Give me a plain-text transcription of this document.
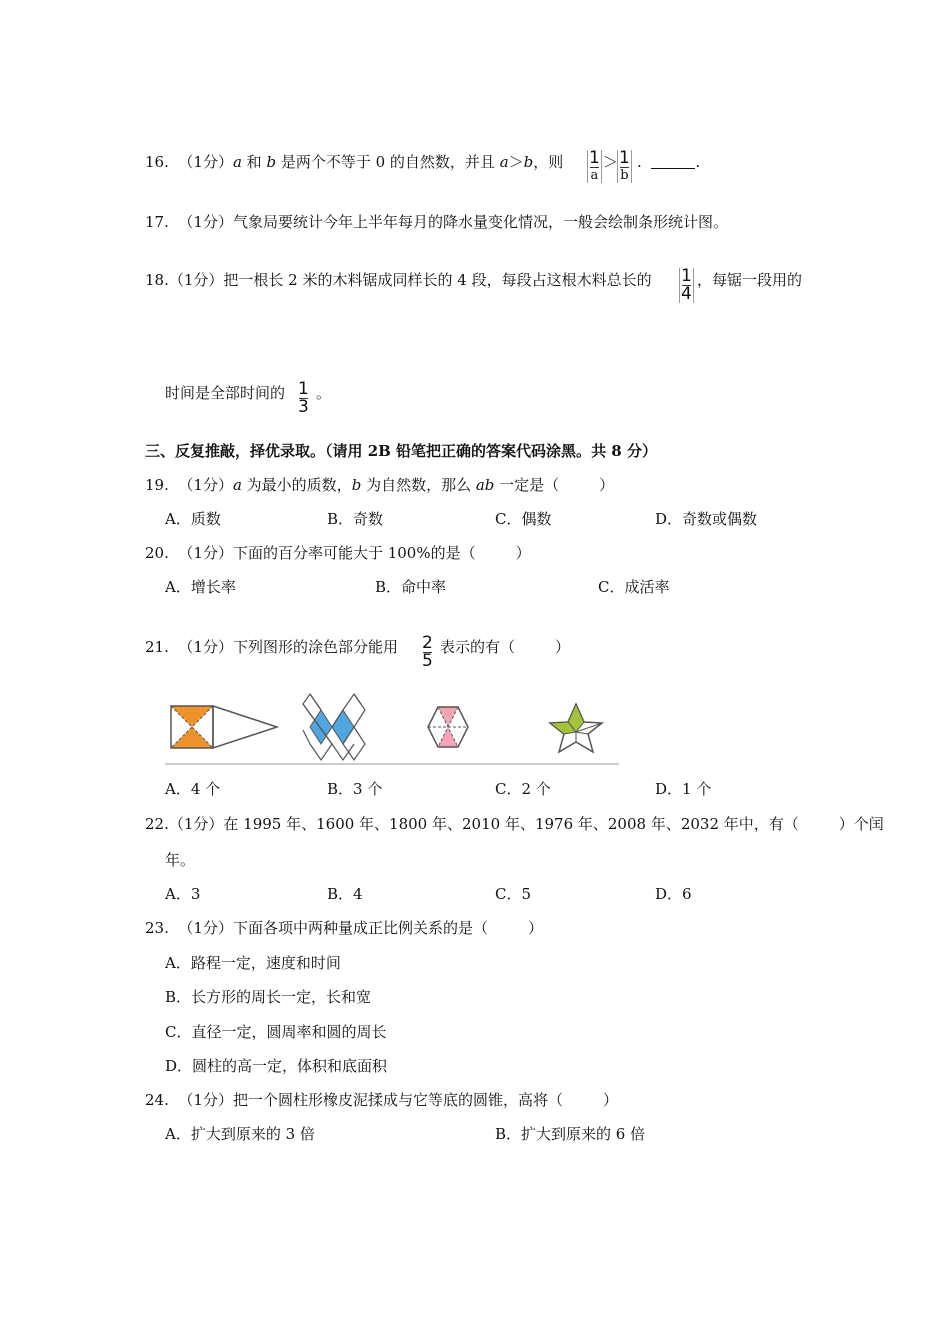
16. （1分）a 和 b 是两个不等于 0 的自然数，并且 a＞b，则 1
a
＞ 1
b
.	.
17. （1分）气象局要统计今年上半年每月的降水量变化情况，一般会绘制条形统计图。
18.（1分）把一根长 2 米的木料锯成同样长的 4 段，每段占这根木料总长的 1
4
，每锯一段用的
时间是全部时间的 1
3
。
三、反复推敲，择优录取。（请用 2B 铅笔把正确的答案代码涂黑。共 8 分）
19. （1分）a 为最小的质数，b 为自然数，那么 ab 一定是（	）
A．质数	B．奇数	C．偶数	D．奇数或偶数
20. （1分）下面的百分率可能大于 100%的是（	）
A．增长率	B．命中率	C．成活率
21. （1分）下列图形的涂色部分能用 2
5
表示的有（	）
A．4 个	B．3 个	C．2 个	D．1 个
22.（1分）在 1995 年、1600 年、1800 年、2010 年、1976 年、2008 年、2032 年中，有（	）个闰
年。
A．3	B．4	C．5	D．6
23. （1分）下面各项中两种量成正比例关系的是（	）
A．路程一定，速度和时间
B．长方形的周长一定，长和宽
C．直径一定，圆周率和圆的周长
D．圆柱的高一定，体积和底面积
24. （1分）把一个圆柱形橡皮泥揉成与它等底的圆锥，高将（	）
A．扩大到原来的 3 倍	B．扩大到原来的 6 倍
